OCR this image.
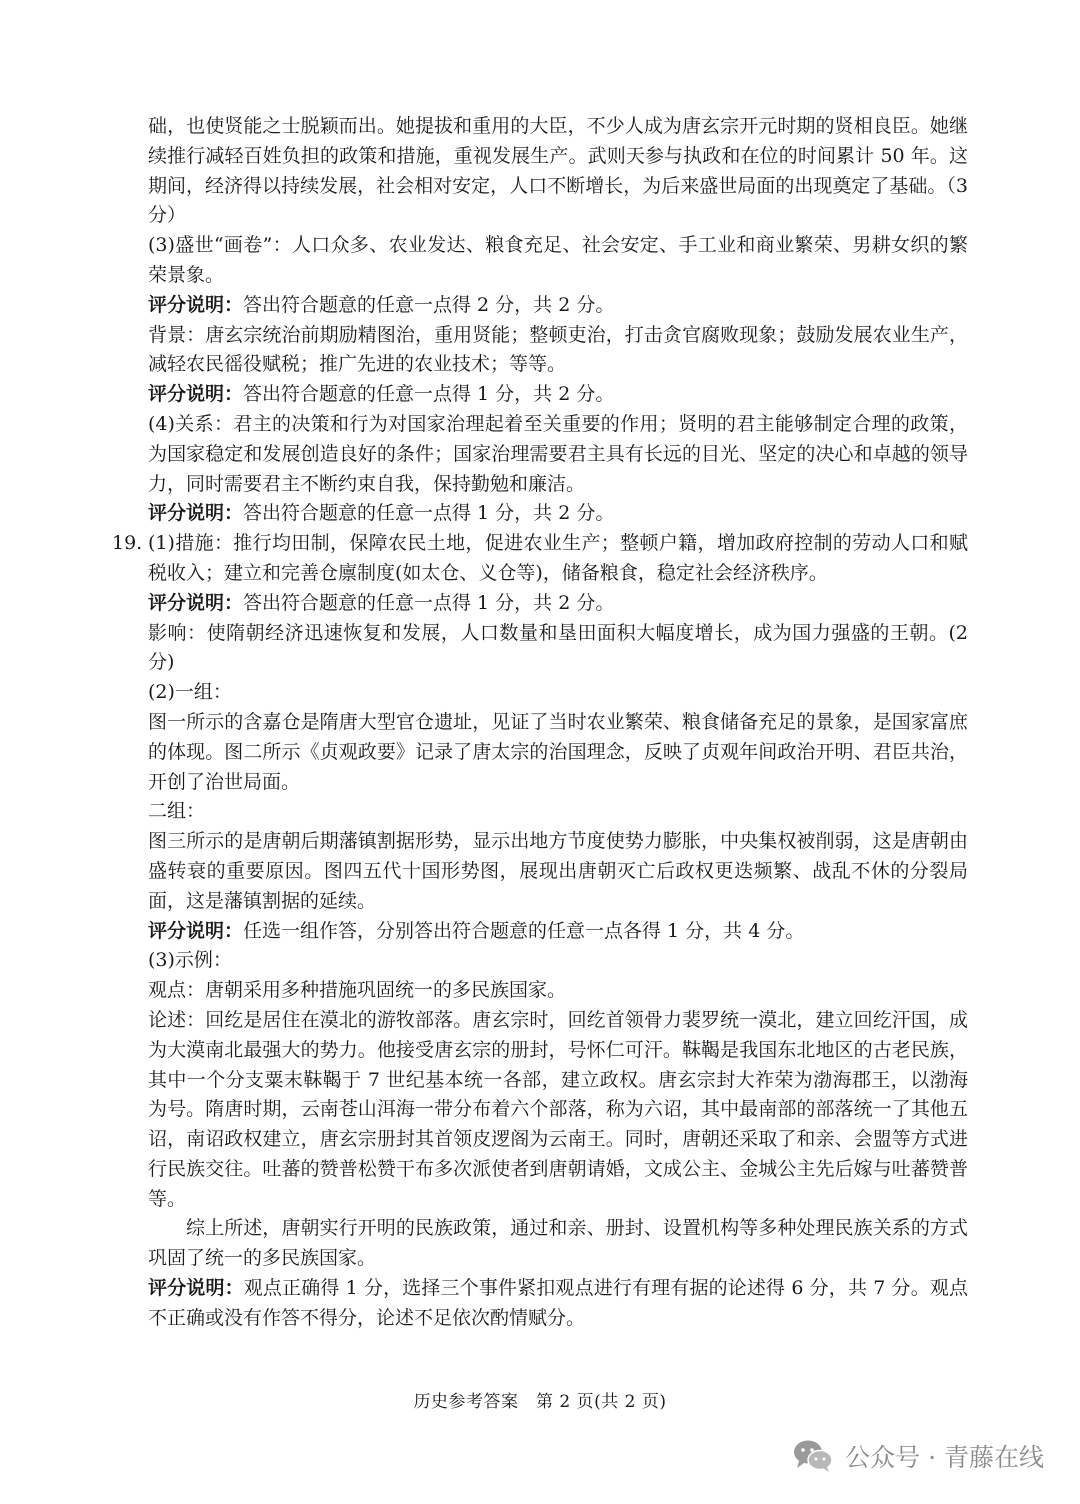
础，也使贤能之士脱颖而出。她提拔和重用的大臣，不少人成为唐玄宗开元时期的贤相良臣。她继续推行减轻百姓负担的政策和措施，重视发展生产。武则天参与执政和在位的时间累计 50 年。这期间，经济得以持续发展，社会相对安定，人口不断增长，为后来盛世局面的出现奠定了基础。（3 分）

(3)盛世“画卷”：人口众多、农业发达、粮食充足、社会安定、手工业和商业繁荣、男耕女织的繁荣景象。

评分说明：答出符合题意的任意一点得 2 分，共 2 分。

背景：唐玄宗统治前期励精图治，重用贤能；整顿吏治，打击贪官腐败现象；鼓励发展农业生产，减轻农民徭役赋税；推广先进的农业技术；等等。

评分说明：答出符合题意的任意一点得 1 分，共 2 分。

(4)关系：君主的决策和行为对国家治理起着至关重要的作用；贤明的君主能够制定合理的政策，为国家稳定和发展创造良好的条件；国家治理需要君主具有长远的目光、坚定的决心和卓越的领导力，同时需要君主不断约束自我，保持勤勉和廉洁。

评分说明：答出符合题意的任意一点得 1 分，共 2 分。

19. (1)措施：推行均田制，保障农民土地，促进农业生产；整顿户籍，增加政府控制的劳动人口和赋税收入；建立和完善仓廪制度(如太仓、义仓等)，储备粮食，稳定社会经济秩序。

评分说明：答出符合题意的任意一点得 1 分，共 2 分。

影响：使隋朝经济迅速恢复和发展，人口数量和垦田面积大幅度增长，成为国力强盛的王朝。(2 分)

(2)一组：

图一所示的含嘉仓是隋唐大型官仓遗址，见证了当时农业繁荣、粮食储备充足的景象，是国家富庶的体现。图二所示《贞观政要》记录了唐太宗的治国理念，反映了贞观年间政治开明、君臣共治，开创了治世局面。

二组：

图三所示的是唐朝后期藩镇割据形势，显示出地方节度使势力膨胀，中央集权被削弱，这是唐朝由盛转衰的重要原因。图四五代十国形势图，展现出唐朝灭亡后政权更迭频繁、战乱不休的分裂局面，这是藩镇割据的延续。

评分说明：任选一组作答，分别答出符合题意的任意一点各得 1 分，共 4 分。

(3)示例：

观点：唐朝采用多种措施巩固统一的多民族国家。

论述：回纥是居住在漠北的游牧部落。唐玄宗时，回纥首领骨力裴罗统一漠北，建立回纥汗国，成为大漠南北最强大的势力。他接受唐玄宗的册封，号怀仁可汗。靺鞨是我国东北地区的古老民族，其中一个分支粟末靺鞨于 7 世纪基本统一各部，建立政权。唐玄宗封大祚荣为渤海郡王，以渤海为号。隋唐时期，云南苍山洱海一带分布着六个部落，称为六诏，其中最南部的部落统一了其他五诏，南诏政权建立，唐玄宗册封其首领皮逻阁为云南王。同时，唐朝还采取了和亲、会盟等方式进行民族交往。吐蕃的赞普松赞干布多次派使者到唐朝请婚，文成公主、金城公主先后嫁与吐蕃赞普等。

综上所述，唐朝实行开明的民族政策，通过和亲、册封、设置机构等多种处理民族关系的方式巩固了统一的多民族国家。

评分说明：观点正确得 1 分，选择三个事件紧扣观点进行有理有据的论述得 6 分，共 7 分。观点不正确或没有作答不得分，论述不足依次酌情赋分。

历史参考答案　第 2 页(共 2 页)
公众号 · 青藤在线
